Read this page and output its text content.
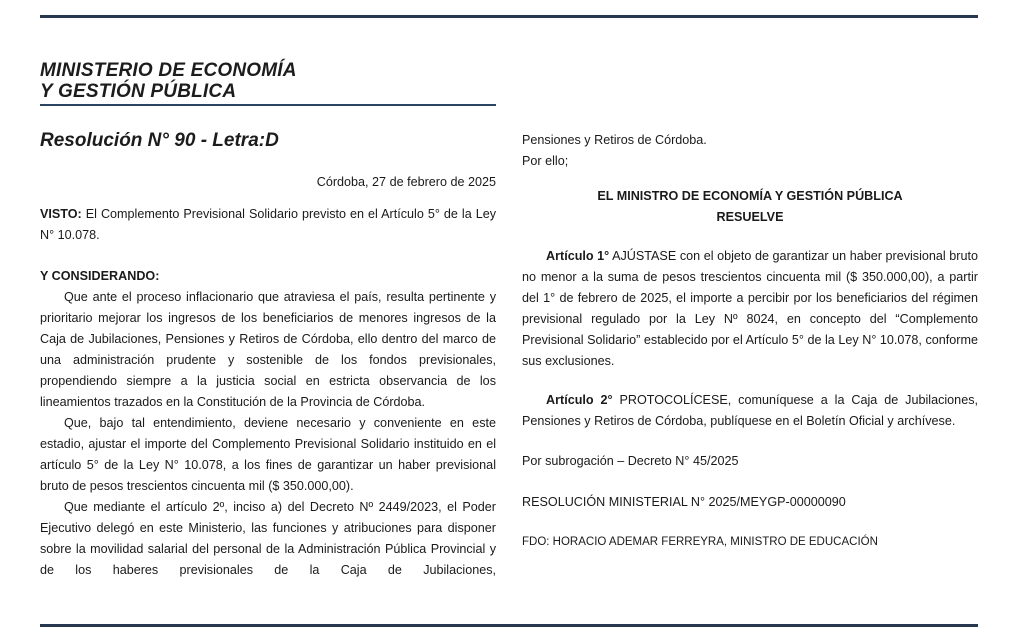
MINISTERIO DE ECONOMÍA
Y GESTIÓN PÚBLICA
Resolución N° 90 - Letra:D

Córdoba, 27 de febrero de 2025

VISTO: El Complemento Previsional Solidario previsto en el Artículo 5° de la Ley N° 10.078.

Y CONSIDERANDO:

Que ante el proceso inflacionario que atraviesa el país, resulta pertinente y prioritario mejorar los ingresos de los beneficiarios de menores ingresos de la Caja de Jubilaciones, Pensiones y Retiros de Córdoba, ello dentro del marco de una administración prudente y sostenible de los fondos previsionales, propendiendo siempre a la justicia social en estricta observancia de los lineamientos trazados en la Constitución de la Provincia de Córdoba.

Que, bajo tal entendimiento, deviene necesario y conveniente en este estadio, ajustar el importe del Complemento Previsional Solidario instituido en el artículo 5° de la Ley N° 10.078, a los fines de garantizar un haber previsional bruto de pesos trescientos cincuenta mil ($ 350.000,00).

Que mediante el artículo 2º, inciso a) del Decreto Nº 2449/2023, el Poder Ejecutivo delegó en este Ministerio, las funciones y atribuciones para disponer sobre la movilidad salarial del personal de la Administración Pública Provincial y de los haberes previsionales de la Caja de Jubilaciones,

Pensiones y Retiros de Córdoba.

Por ello;

EL MINISTRO DE ECONOMÍA Y GESTIÓN PÚBLICA

RESUELVE

Artículo 1° AJÚSTASE con el objeto de garantizar un haber previsional bruto no menor a la suma de pesos trescientos cincuenta mil ($ 350.000,00), a partir del 1° de febrero de 2025, el importe a percibir por los beneficiarios del régimen previsional regulado por la Ley Nº 8024, en concepto del “Complemento Previsional Solidario” establecido por el Artículo 5° de la Ley N° 10.078, conforme sus exclusiones.

Artículo 2° PROTOCOLÍCESE, comuníquese a la Caja de Jubilaciones, Pensiones y Retiros de Córdoba, publíquese en el Boletín Oficial y archívese.

Por subrogación – Decreto N° 45/2025

RESOLUCIÓN MINISTERIAL N° 2025/MEYGP-00000090

FDO: HORACIO ADEMAR FERREYRA, MINISTRO DE EDUCACIÓN
